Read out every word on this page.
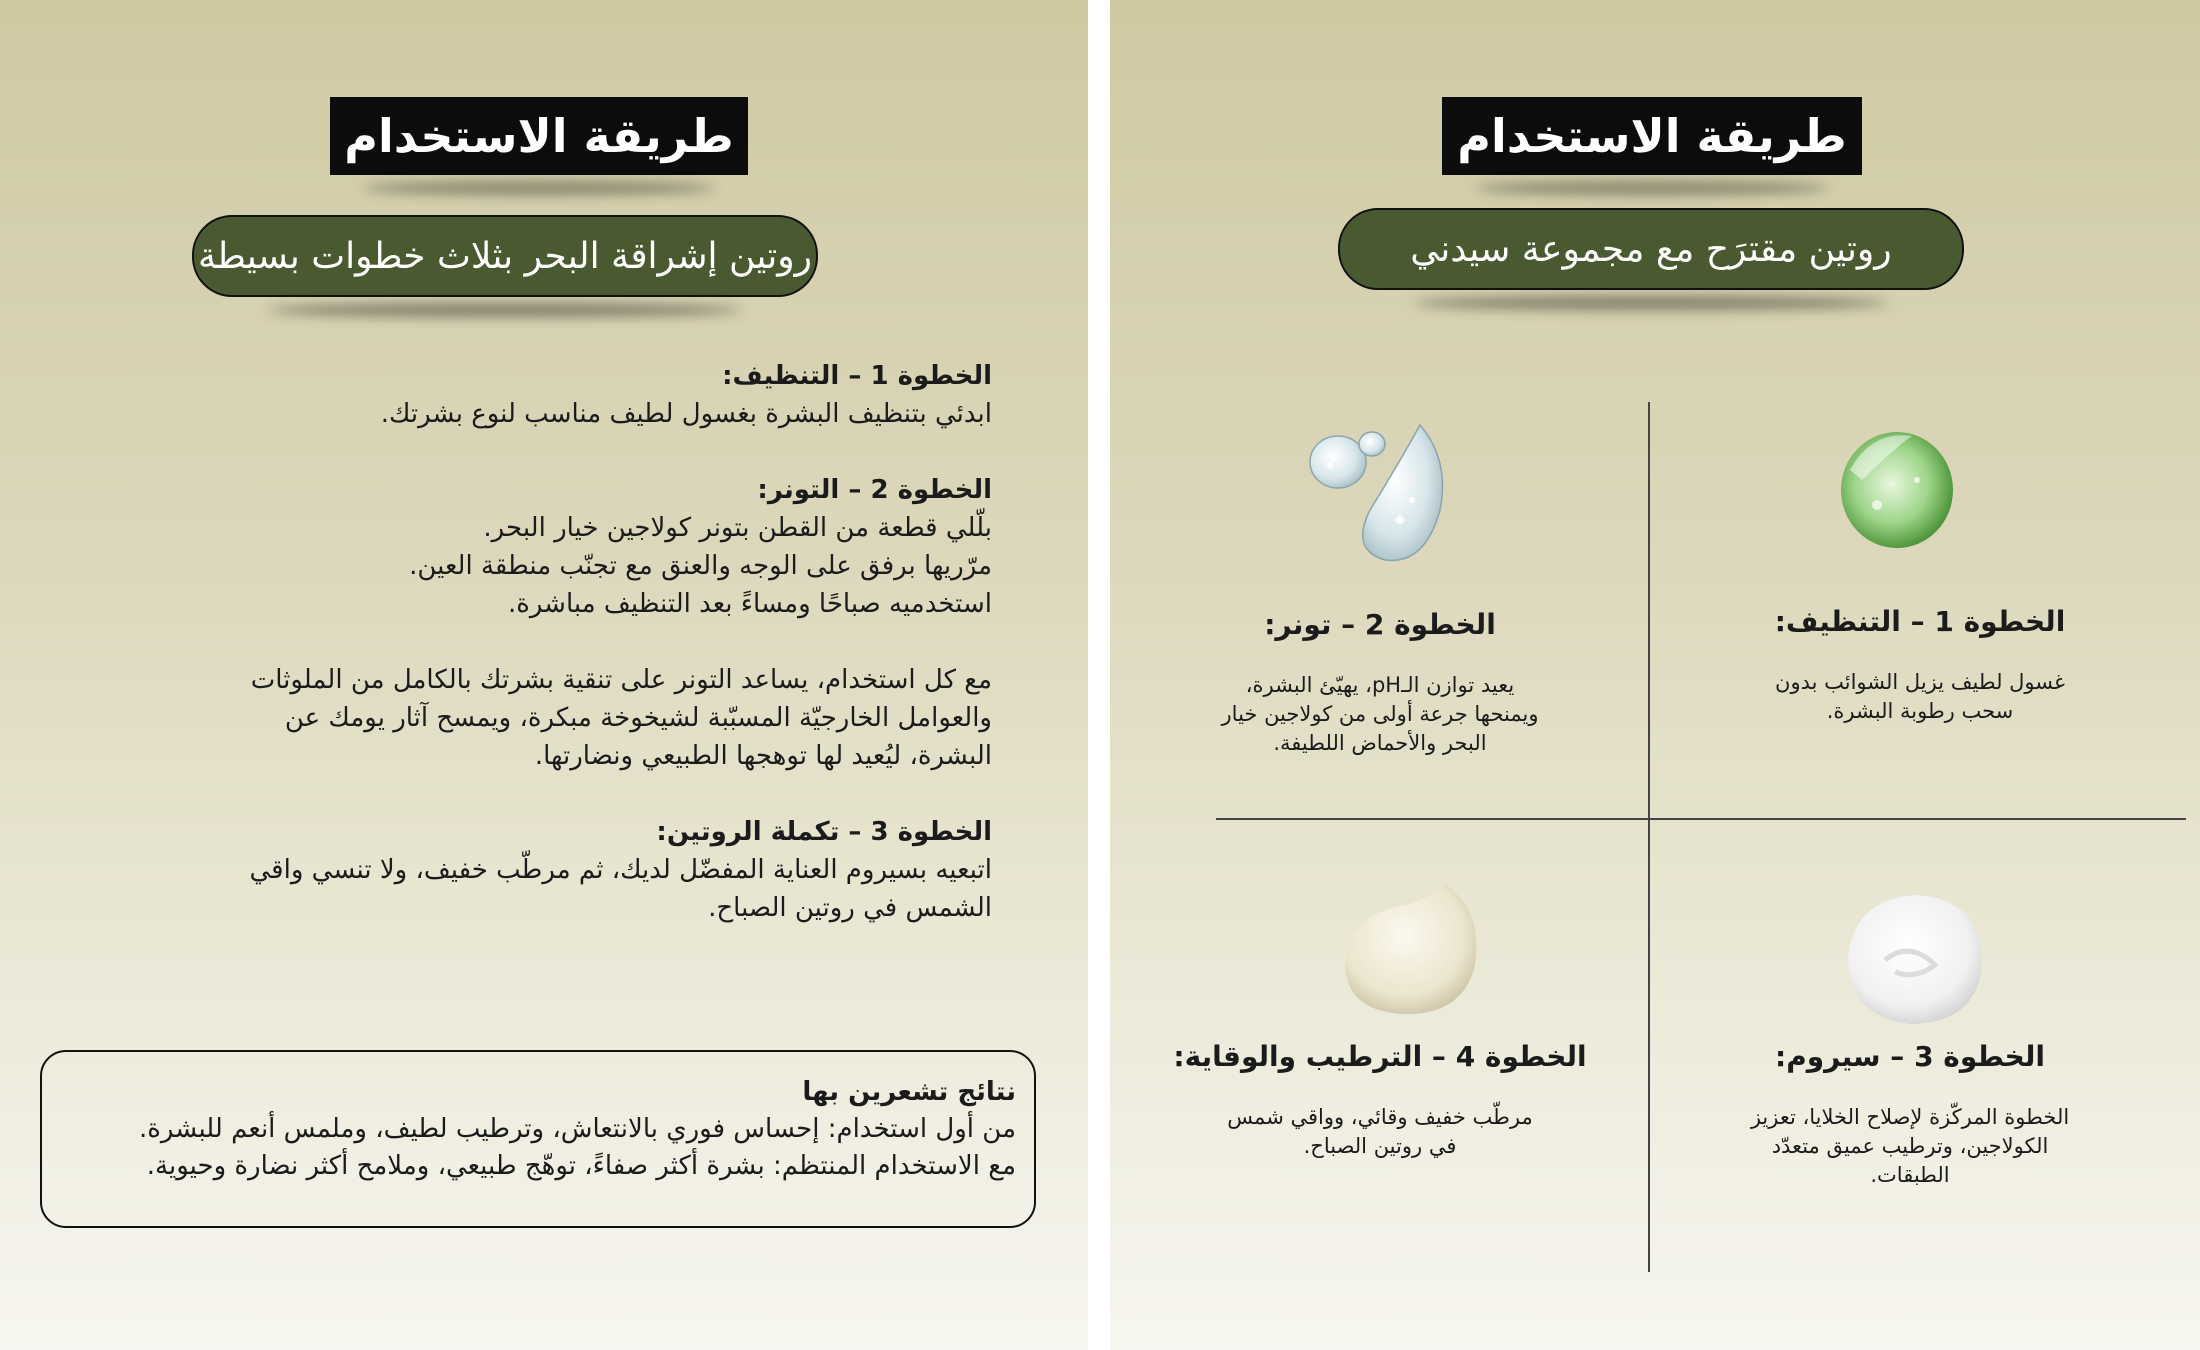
طريقة الاستخدام
روتين إشراقة البحر بثلاث خطوات بسيطة

الخطوة 1 – التنظيف:

ابدئي بتنظيف البشرة بغسول لطيف مناسب لنوع بشرتك.

الخطوة 2 – التونر:

بلّلي قطعة من القطن بتونر كولاجين خيار البحر.

مرّريها برفق على الوجه والعنق مع تجنّب منطقة العين.

استخدميه صباحًا ومساءً بعد التنظيف مباشرة.

مع كل استخدام، يساعد التونر على تنقية بشرتك بالكامل من الملوثات

والعوامل الخارجيّة المسبّبة لشيخوخة مبكرة، ويمسح آثار يومك عن

البشرة، ليُعيد لها توهجها الطبيعي ونضارتها.

الخطوة 3 – تكملة الروتين:

اتبعيه بسيروم العناية المفضّل لديك، ثم مرطّب خفيف، ولا تنسي واقي

الشمس في روتين الصباح.

نتائج تشعرين بها

من أول استخدام: إحساس فوري بالانتعاش، وترطيب لطيف، وملمس أنعم للبشرة.

مع الاستخدام المنتظم: بشرة أكثر صفاءً، توهّج طبيعي، وملامح أكثر نضارة وحيوية.

طريقة الاستخدام
روتين مقترَح مع مجموعة سيدني
الخطوة 1 – التنظيف:
غسول لطيف يزيل الشوائب بدون
سحب رطوبة البشرة.
الخطوة 2 – تونر:
يعيد توازن الـpH، يهيّئ البشرة،
ويمنحها جرعة أولى من كولاجين خيار
البحر والأحماض اللطيفة.
الخطوة 3 – سيروم:
الخطوة المركّزة لإصلاح الخلايا، تعزيز
الكولاجين، وترطيب عميق متعدّد
الطبقات.
الخطوة 4 – الترطيب والوقاية:
مرطّب خفيف وقائي، وواقي شمس
في روتين الصباح.
